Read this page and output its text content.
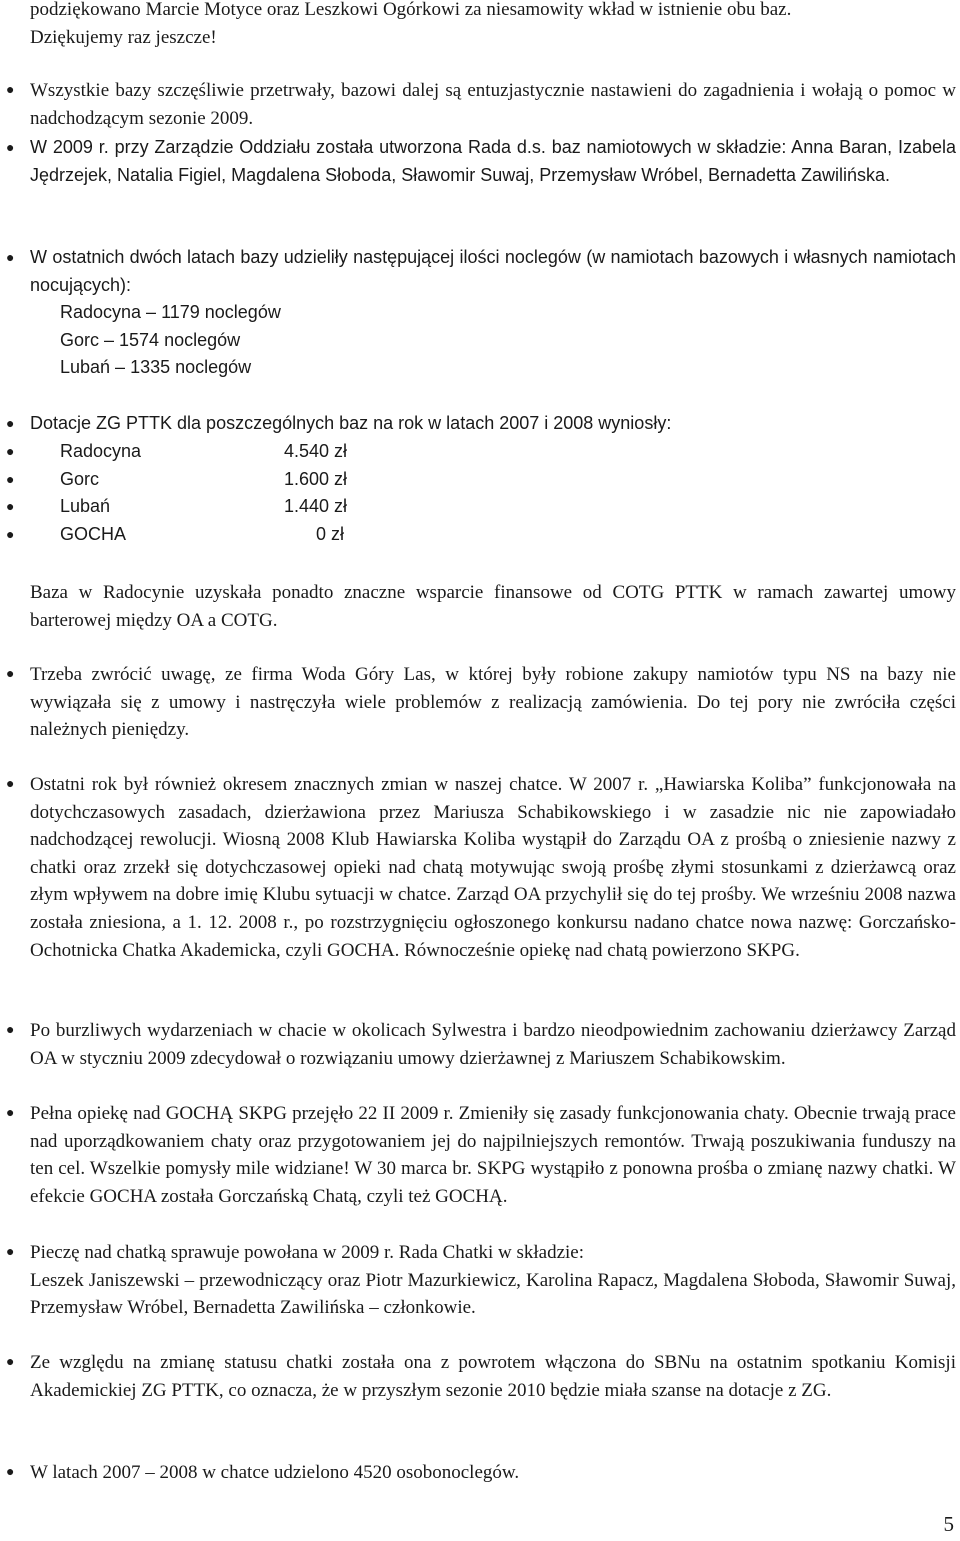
podziękowano Marcie Motyce oraz Leszkowi Ogórkowi za niesamowity wkład w istnienie obu baz.
Dziękujemy raz jeszcze!
● Wszystkie bazy szczęśliwie przetrwały, bazowi dalej są entuzjastycznie nastawieni do zagadnienia i wołają o pomoc w nadchodzącym sezonie 2009.
● W 2009 r. przy Zarządzie Oddziału została utworzona Rada d.s. baz namiotowych w składzie: Anna Baran, Izabela Jędrzejek, Natalia Figiel, Magdalena Słoboda, Sławomir Suwaj, Przemysław Wróbel, Bernadetta Zawilińska.
● W ostatnich dwóch latach bazy udzieliły następującej ilości noclegów (w namiotach bazowych i własnych namiotach nocujących):
Radocyna – 1179 noclegów
Gorc – 1574 noclegów
Lubań – 1335 noclegów
● Dotacje ZG PTTK dla poszczególnych baz na rok w latach 2007 i 2008 wyniosły:
●	Radocyna	4.540 zł
●	Gorc	1.600 zł
●	Lubań	1.440 zł
●	GOCHA	0 zł
Baza w Radocynie uzyskała ponadto znaczne wsparcie finansowe od COTG PTTK w ramach zawartej umowy barterowej między OA a COTG.
● Trzeba zwrócić uwagę, ze firma Woda Góry Las, w której były robione zakupy namiotów typu NS na bazy nie wywiązała się z umowy i nastręczyła wiele problemów z realizacją zamówienia. Do tej pory nie zwróciła części należnych pieniędzy.
● Ostatni rok był również okresem znacznych zmian w naszej chatce. W 2007 r. „Hawiarska Koliba” funkcjonowała na dotychczasowych zasadach, dzierżawiona przez Mariusza Schabikowskiego i w zasadzie nic nie zapowiadało nadchodzącej rewolucji. Wiosną 2008 Klub Hawiarska Koliba wystąpił do Zarządu OA z prośbą o zniesienie nazwy z chatki oraz zrzekł się dotychczasowej opieki nad chatą motywując swoją prośbę złymi stosunkami z dzierżawcą oraz złym wpływem na dobre imię Klubu sytuacji w chatce. Zarząd OA przychylił się do tej prośby. We wrześniu 2008 nazwa została zniesiona, a 1. 12. 2008 r., po rozstrzygnięciu ogłoszonego konkursu nadano chatce nowa nazwę: Gorczańsko-Ochotnicka Chatka Akademicka, czyli GOCHA. Równocześnie opiekę nad chatą powierzono SKPG.
● Po burzliwych wydarzeniach w chacie w okolicach Sylwestra i bardzo nieodpowiednim zachowaniu dzierżawcy Zarząd OA w styczniu 2009 zdecydował o rozwiązaniu umowy dzierżawnej z Mariuszem Schabikowskim.
● Pełna opiekę nad GOCHĄ SKPG przejęło 22 II 2009 r. Zmieniły się zasady funkcjonowania chaty. Obecnie trwają prace nad uporządkowaniem chaty oraz przygotowaniem jej do najpilniejszych remontów. Trwają poszukiwania funduszy na ten cel. Wszelkie pomysły mile widziane! W 30 marca br. SKPG wystąpiło z ponowna prośba o zmianę nazwy chatki. W efekcie GOCHA została Gorczańską Chatą, czyli też GOCHĄ.
● Pieczę nad chatką sprawuje powołana w 2009 r. Rada Chatki w składzie:
Leszek Janiszewski – przewodniczący oraz Piotr Mazurkiewicz, Karolina Rapacz, Magdalena Słoboda, Sławomir Suwaj, Przemysław Wróbel, Bernadetta Zawilińska – członkowie.
● Ze względu na zmianę statusu chatki została ona z powrotem włączona do SBNu na ostatnim spotkaniu Komisji Akademickiej ZG PTTK, co oznacza, że w przyszłym sezonie 2010 będzie miała szanse na dotacje z ZG.
● W latach 2007 – 2008 w chatce udzielono 4520 osobonoclegów.
5
